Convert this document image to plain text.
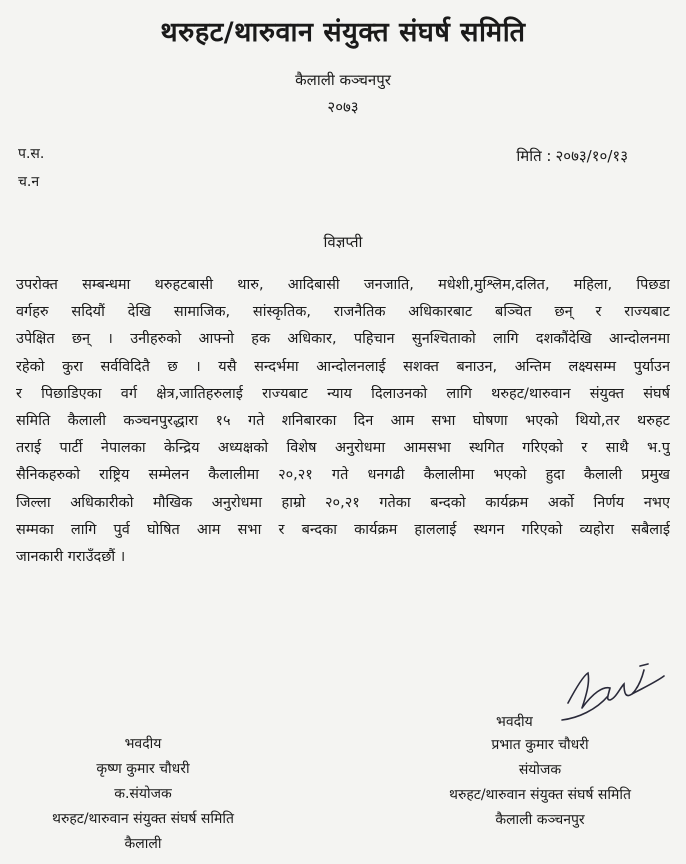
थरुहट/थारुवान संयुक्त संघर्ष समिति
कैलाली कञ्चनपुर
२०७३
प.स.
च.न
मिति : २०७३/१०/१३
विज्ञप्ती
उपरोक्त सम्बन्धमा थरुहटबासी थारु, आदिबासी जनजाति, मधेशी,मुश्लिम,दलित, महिला, पिछडा
वर्गहरु सदियौं देखि सामाजिक, सांस्कृतिक, राजनैतिक अधिकारबाट बञ्चित छन् र राज्यबाट
उपेक्षित छन् । उनीहरुको आफ्नो हक अधिकार, पहिचान सुनश्चिताको लागि दशकौंदेखि आन्दोलनमा
रहेको कुरा सर्वविदितै छ । यसै सन्दर्भमा आन्दोलनलाई सशक्त बनाउन, अन्तिम लक्ष्यसम्म पुर्याउन
र पिछाडिएका वर्ग क्षेत्र,जातिहरुलाई राज्यबाट न्याय दिलाउनको लागि थरुहट/थारुवान संयुक्त संघर्ष
समिति कैलाली कञ्चनपुरद्धारा १५ गते शनिबारका दिन आम सभा घोषणा भएको थियो,तर थरुहट
तराई पार्टी नेपालका केन्द्रिय अध्यक्षको विशेष अनुरोधमा आमसभा स्थगित गरिएको र साथै भ.पु
सैनिकहरुको राष्ट्रिय सम्मेलन कैलालीमा २०,२१ गते धनगढी कैलालीमा भएको हुदा कैलाली प्रमुख
जिल्ला अधिकारीको मौखिक अनुरोधमा हाम्रो २०,२१ गतेका बन्दको कार्यक्रम अर्को निर्णय नभए
सम्मका लागि पुर्व घोषित आम सभा र बन्दका कार्यक्रम हाललाई स्थगन गरिएको व्यहोरा सबैलाई
जानकारी गराउँदछौं ।
भवदीय
भवदीय
कृष्ण कुमार चौधरी
क.संयोजक
थरुहट/थारुवान संयुक्त संघर्ष समिति
कैलाली
प्रभात कुमार चौधरी
संयोजक
थरुहट/थारुवान संयुक्त संघर्ष समिति
कैलाली कञ्चनपुर
